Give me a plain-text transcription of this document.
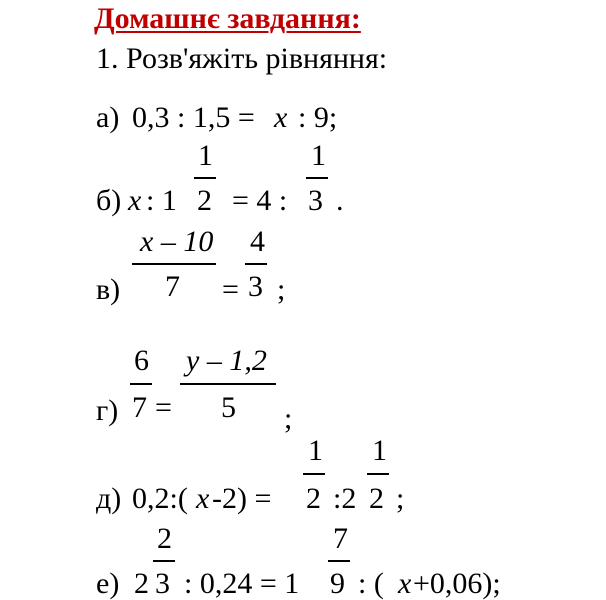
Домашнє завдання:
1. Розв'яжіть рівняння:
а) 0,3 : 1,5 = x : 9;
б) x : 1
1
2 = 4 :
1
3 .
в)
x – 10
7 =
4
3 ;
г)
6
7 =
y – 1,2
5 ;
д) 0,2:( x -2) =
1
2 :2
1
2 ;
е) 2
2
3 : 0,24 = 1
7
9 : ( x +0,06);
